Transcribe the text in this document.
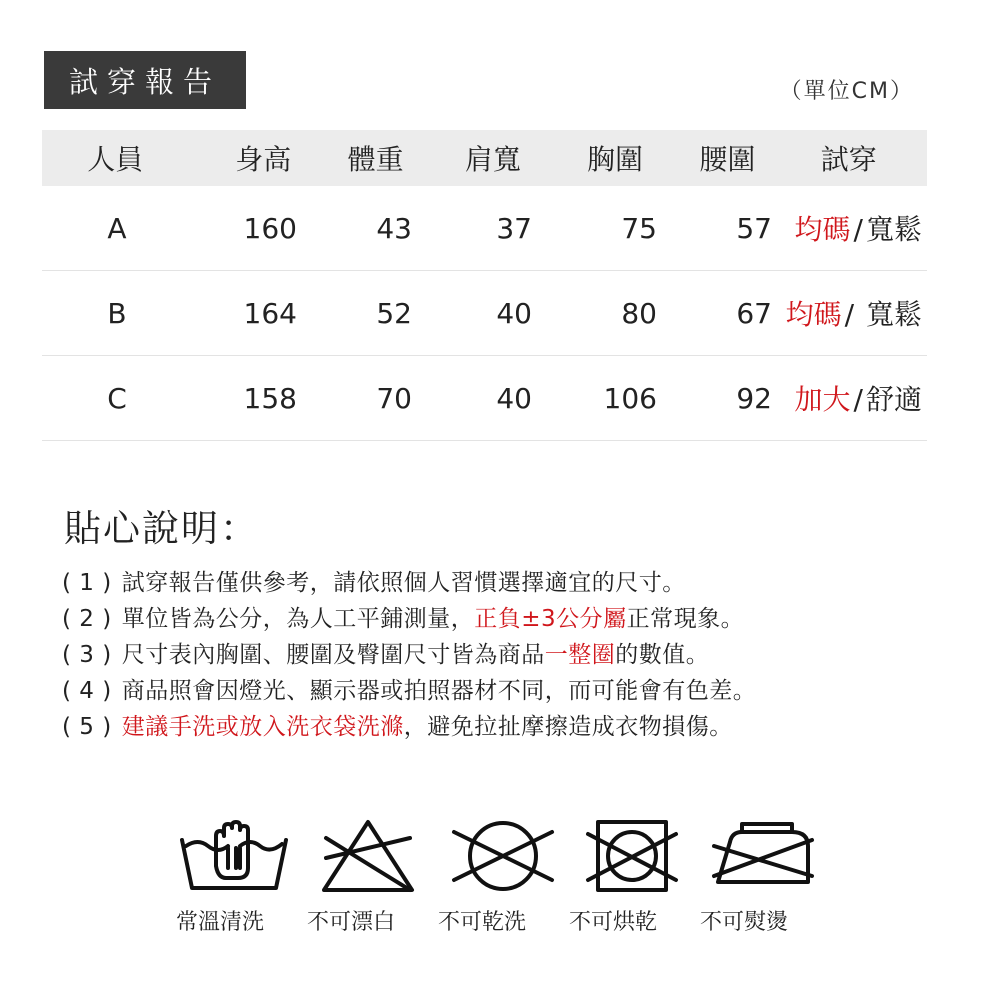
試穿報告	（單位CM）
人員	身高	體重	肩寬	胸圍	腰圍	試穿
A	160	43	37	75	57 均碼 / 寬鬆
B	164	52	40	80	67 均碼 / 寬鬆
C	158	70	40	106	92 加大 / 舒適
貼心說明：
( 1 ) 試穿報告僅供參考，請依照個人習慣選擇適宜的尺寸。
( 2 ) 單位皆為公分，為人工平鋪測量，正負±3公分屬正常現象。
( 3 ) 尺寸表內胸圍、腰圍及臀圍尺寸皆為商品一整圈的數值。
( 4 ) 商品照會因燈光、顯示器或拍照器材不同，而可能會有色差。
( 5 ) 建議手洗或放入洗衣袋洗滌，避免拉扯摩擦造成衣物損傷。
常溫清洗	不可漂白	不可乾洗	不可烘乾	不可熨燙
